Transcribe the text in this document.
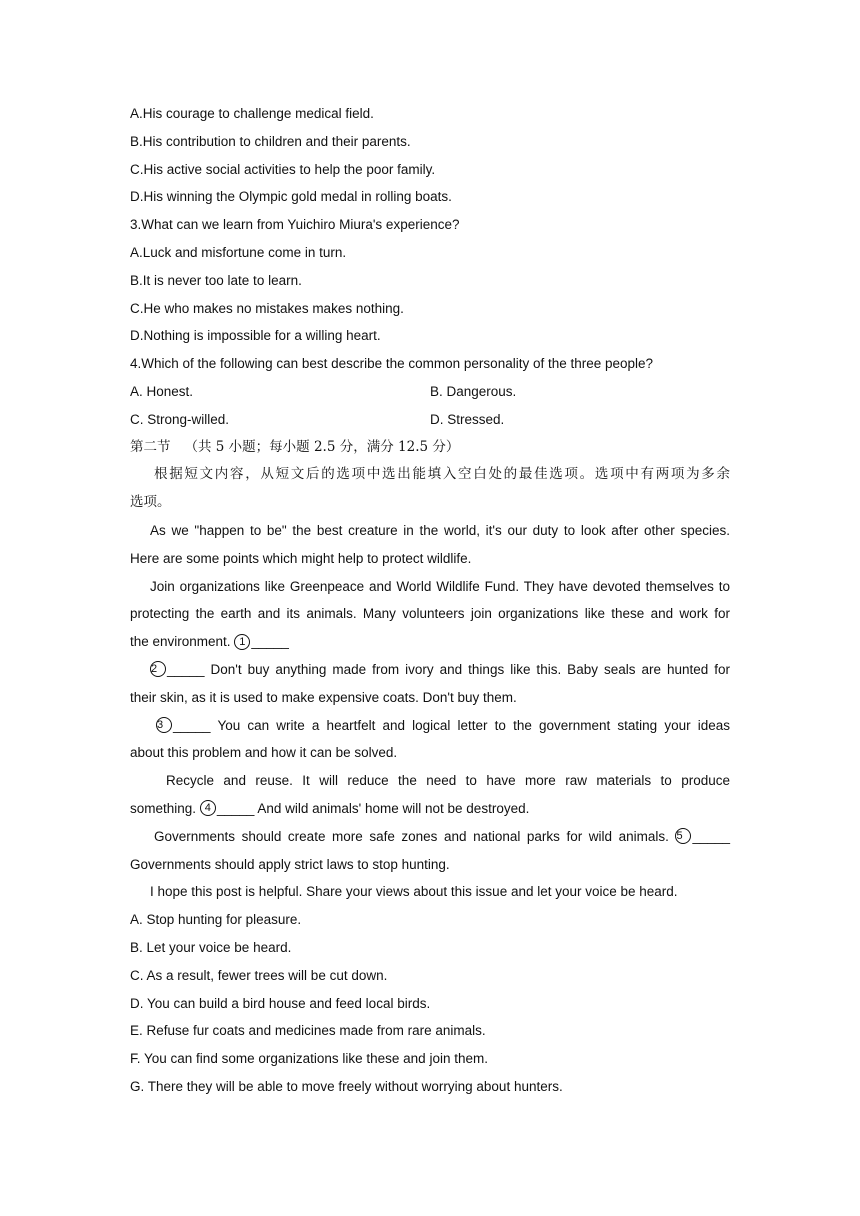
A.His courage to challenge medical field.
B.His contribution to children and their parents.
C.His active social activities to help the poor family.
D.His winning the Olympic gold medal in rolling boats.
3.What can we learn from Yuichiro Miura's experience?
A.Luck and misfortune come in turn.
B.It is never too late to learn.
C.He who makes no mistakes makes nothing.
D.Nothing is impossible for a willing heart.
4.Which of the following can best describe the common personality of the three people?
A. Honest.	B. Dangerous.
C. Strong-willed.	D. Stressed.
第二节 （共 5 小题；每小题 2.5 分，满分 12.5 分）
根据短文内容，从短文后的选项中选出能填入空白处的最佳选项。选项中有两项为多余
选项。
As we "happen to be" the best creature in the world, it's our duty to look after other species.
Here are some points which might help to protect wildlife.
Join organizations like Greenpeace and World Wildlife Fund. They have devoted themselves to
protecting the earth and its animals. Many volunteers join organizations like these and work for
the environment. 1 _____
2 _____ Don't buy anything made from ivory and things like this. Baby seals are hunted for
their skin, as it is used to make expensive coats. Don't buy them.
3 _____ You can write a heartfelt and logical letter to the government stating your ideas
about this problem and how it can be solved.
Recycle and reuse. It will reduce the need to have more raw materials to produce
something. 4 _____ And wild animals' home will not be destroyed.
Governments should create more safe zones and national parks for wild animals. 5 _____
Governments should apply strict laws to stop hunting.
I hope this post is helpful. Share your views about this issue and let your voice be heard.
A. Stop hunting for pleasure.
B. Let your voice be heard.
C. As a result, fewer trees will be cut down.
D. You can build a bird house and feed local birds.
E. Refuse fur coats and medicines made from rare animals.
F. You can find some organizations like these and join them.
G. There they will be able to move freely without worrying about hunters.
